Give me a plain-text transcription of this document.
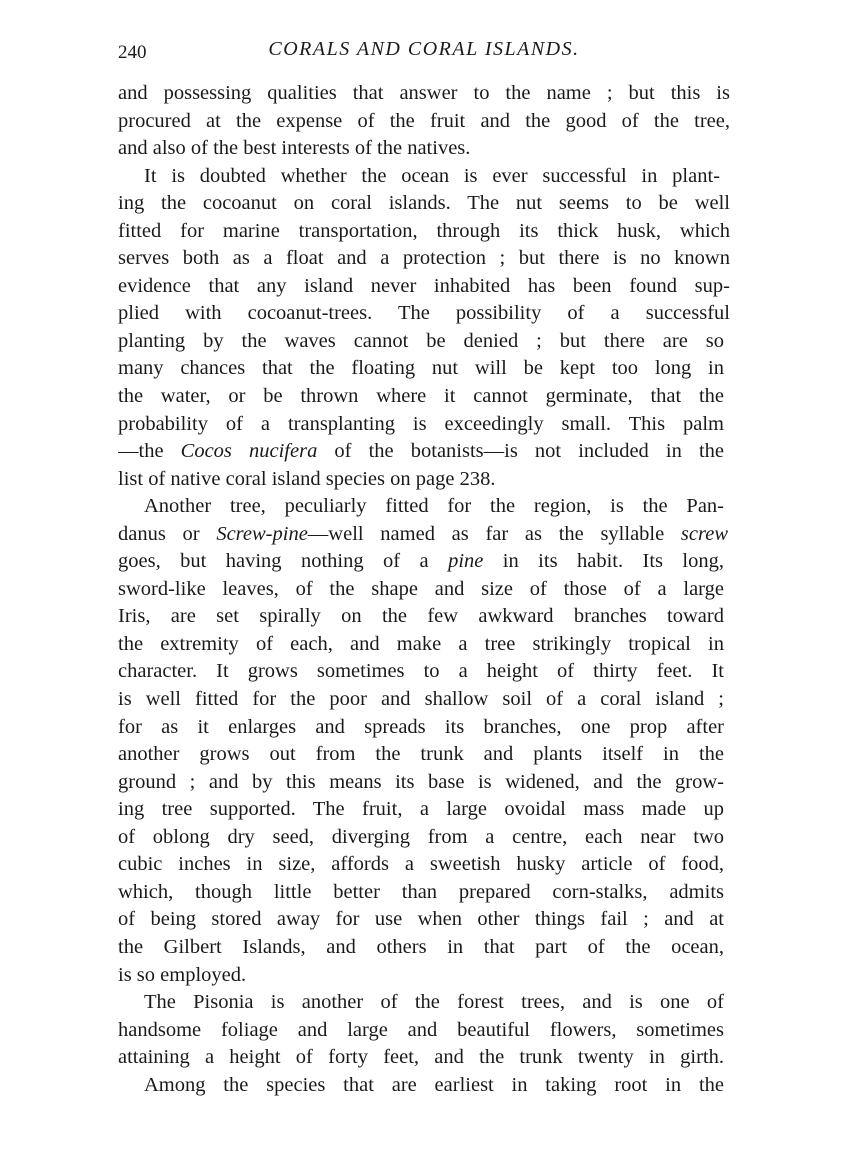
240	CORALS AND CORAL ISLANDS.
and possessing qualities that answer to the name ; but this is
procured at the expense of the fruit and the good of the tree,
and also of the best interests of the natives.
It is doubted whether the ocean is ever successful in plant-
ing the cocoanut on coral islands. The nut seems to be well
fitted for marine transportation, through its thick husk, which
serves both as a float and a protection ; but there is no known
evidence that any island never inhabited has been found sup-
plied with cocoanut-trees. The possibility of a successful
planting by the waves cannot be denied ; but there are so
many chances that the floating nut will be kept too long in
the water, or be thrown where it cannot germinate, that the
probability of a transplanting is exceedingly small. This palm
—the Cocos nucifera of the botanists—is not included in the
list of native coral island species on page 238.
Another tree, peculiarly fitted for the region, is the Pan-
danus or Screw-pine—well named as far as the syllable screw
goes, but having nothing of a pine in its habit. Its long,
sword-like leaves, of the shape and size of those of a large
Iris, are set spirally on the few awkward branches toward
the extremity of each, and make a tree strikingly tropical in
character. It grows sometimes to a height of thirty feet. It
is well fitted for the poor and shallow soil of a coral island ;
for as it enlarges and spreads its branches, one prop after
another grows out from the trunk and plants itself in the
ground ; and by this means its base is widened, and the grow-
ing tree supported. The fruit, a large ovoidal mass made up
of oblong dry seed, diverging from a centre, each near two
cubic inches in size, affords a sweetish husky article of food,
which, though little better than prepared corn-stalks, admits
of being stored away for use when other things fail ; and at
the Gilbert Islands, and others in that part of the ocean,
is so employed.
The Pisonia is another of the forest trees, and is one of
handsome foliage and large and beautiful flowers, sometimes
attaining a height of forty feet, and the trunk twenty in girth.
Among the species that are earliest in taking root in the
